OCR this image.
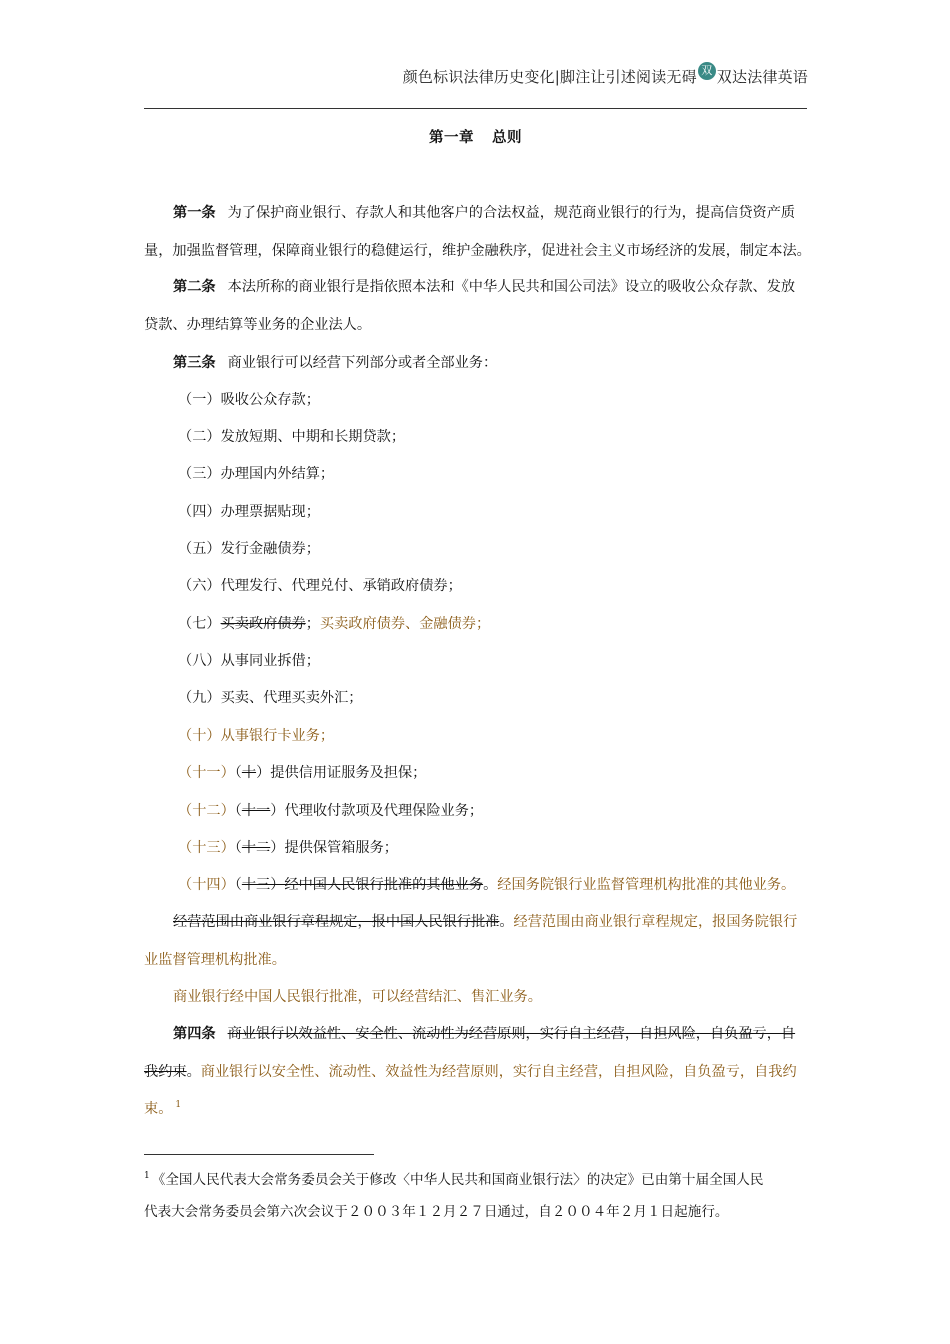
颜色标识法律历史变化|脚注让引述阅读无碍 双 双达法律英语
第一章 总则
第一条 为了保护商业银行、存款人和其他客户的合法权益，规范商业银行的行为，提高信贷资产质
量，加强监督管理，保障商业银行的稳健运行，维护金融秩序，促进社会主义市场经济的发展，制定本法。
第二条 本法所称的商业银行是指依照本法和《中华人民共和国公司法》设立的吸收公众存款、发放
贷款、办理结算等业务的企业法人。
第三条 商业银行可以经营下列部分或者全部业务：
（一）吸收公众存款；
（二）发放短期、中期和长期贷款；
（三）办理国内外结算；
（四）办理票据贴现；
（五）发行金融债券；
（六）代理发行、代理兑付、承销政府债券；
（七）买卖政府债券；买卖政府债券、金融债券；
（八）从事同业拆借；
（九）买卖、代理买卖外汇；
（十）从事银行卡业务；
（十一）（十）提供信用证服务及担保；
（十二）（十一）代理收付款项及代理保险业务；
（十三）（十二）提供保管箱服务；
（十四）（十三）经中国人民银行批准的其他业务。经国务院银行业监督管理机构批准的其他业务。
经营范围由商业银行章程规定，报中国人民银行批准。经营范围由商业银行章程规定，报国务院银行
业监督管理机构批准。
商业银行经中国人民银行批准，可以经营结汇、售汇业务。
第四条 商业银行以效益性、安全性、流动性为经营原则，实行自主经营，自担风险，自负盈亏，自
我约束。商业银行以安全性、流动性、效益性为经营原则，实行自主经营，自担风险，自负盈亏，自我约
束。 $^1$
$^1$ 《全国人民代表大会常务委员会关于修改〈中华人民共和国商业银行法〉的决定》已由第十届全国人民
代表大会常务委员会第六次会议于２００３年１２月２７日通过，自２００４年２月１日起施行。
